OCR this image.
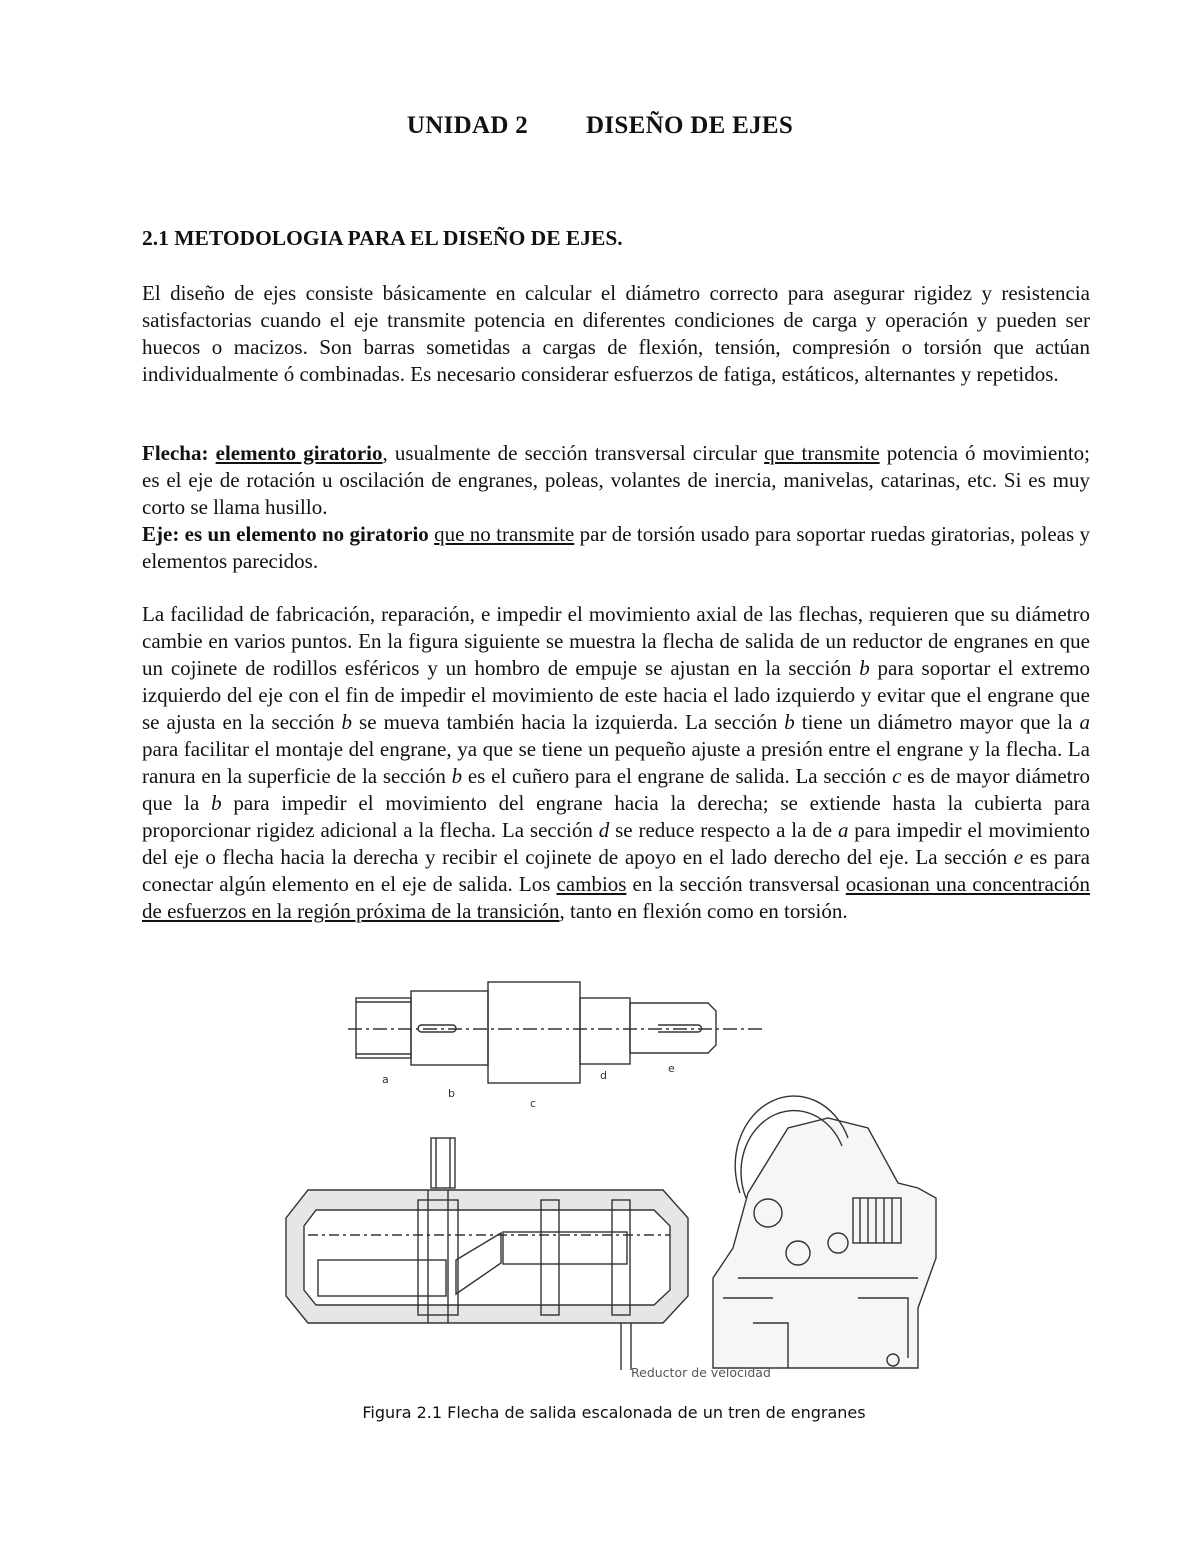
UNIDAD 2 DISEÑO DE EJES
2.1 METODOLOGIA PARA EL DISEÑO DE EJES.

El diseño de ejes consiste básicamente en calcular el diámetro correcto para asegurar rigidez y resistencia satisfactorias cuando el eje transmite potencia en diferentes condiciones de carga y operación y pueden ser huecos o macizos. Son barras sometidas a cargas de flexión, tensión, compresión o torsión que actúan individualmente ó combinadas. Es necesario considerar esfuerzos de fatiga, estáticos, alternantes y repetidos.

Flecha: elemento giratorio, usualmente de sección transversal circular que transmite potencia ó movimiento; es el eje de rotación u oscilación de engranes, poleas, volantes de inercia, manivelas, catarinas, etc. Si es muy corto se llama husillo.

Eje: es un elemento no giratorio que no transmite par de torsión usado para soportar ruedas giratorias, poleas y elementos parecidos.

La facilidad de fabricación, reparación, e impedir el movimiento axial de las flechas, requieren que su diámetro cambie en varios puntos. En la figura siguiente se muestra la flecha de salida de un reductor de engranes en que un cojinete de rodillos esféricos y un hombro de empuje se ajustan en la sección b para soportar el extremo izquierdo del eje con el fin de impedir el movimiento de este hacia el lado izquierdo y evitar que el engrane que se ajusta en la sección b se mueva también hacia la izquierda. La sección b tiene un diámetro mayor que la a para facilitar el montaje del engrane, ya que se tiene un pequeño ajuste a presión entre el engrane y la flecha. La ranura en la superficie de la sección b es el cuñero para el engrane de salida. La sección c es de mayor diámetro que la b para impedir el movimiento del engrane hacia la derecha; se extiende hasta la cubierta para proporcionar rigidez adicional a la flecha. La sección d se reduce respecto a la de a para impedir el movimiento del eje o flecha hacia la derecha y recibir el cojinete de apoyo en el lado derecho del eje. La sección e es para conectar algún elemento en el eje de salida. Los cambios en la sección transversal ocasionan una concentración de esfuerzos en la región próxima de la transición, tanto en flexión como en torsión.

a
b
c
d
e
Reductor de velocidad
Figura 2.1 Flecha de salida escalonada de un tren de engranes
